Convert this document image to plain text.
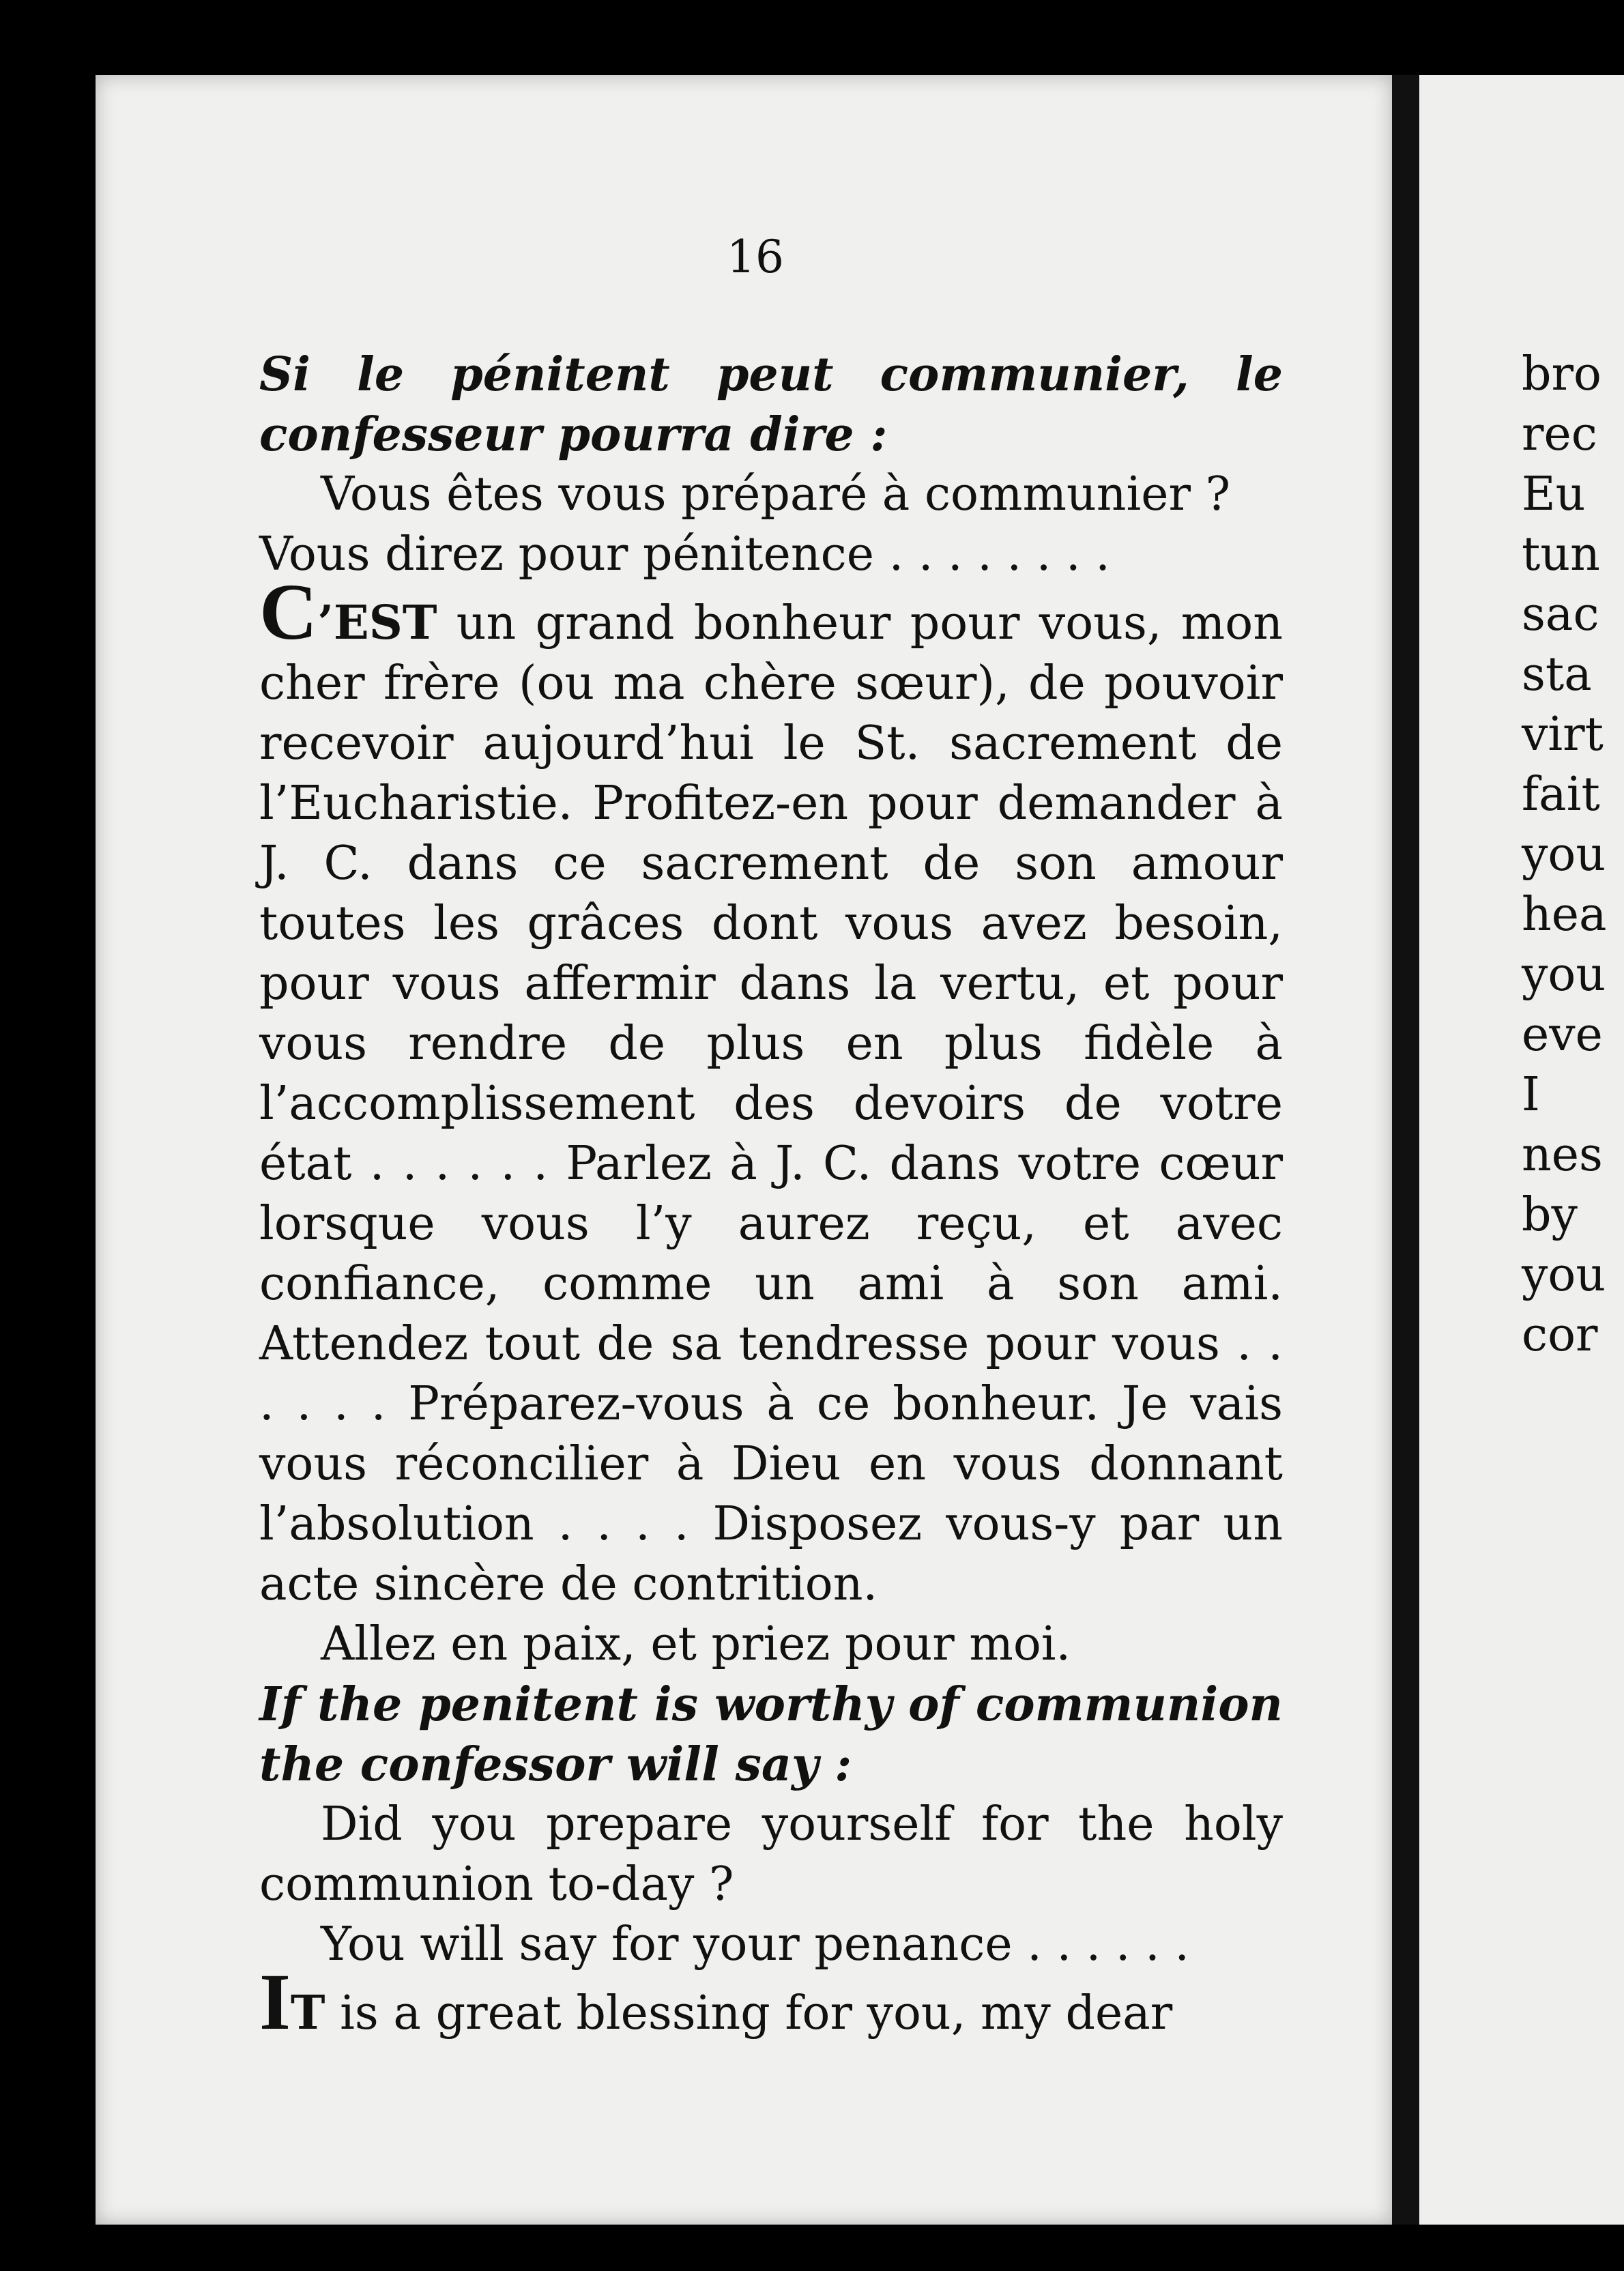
16

Si le pénitent peut communier, le confesseur pourra dire :

Vous êtes vous préparé à communier ?

Vous direz pour pénitence . . . . . . . .

C’EST un grand bonheur pour vous, mon cher frère (ou ma chère sœur), de pouvoir recevoir aujourd’hui le St. sacrement de l’Eucharistie. Profitez-en pour demander à J. C. dans ce sacrement de son amour toutes les grâces dont vous avez besoin, pour vous affermir dans la vertu, et pour vous rendre de plus en plus fidèle à l’accomplissement des devoirs de votre état . . . . . . Parlez à J. C. dans votre cœur lorsque vous l’y aurez reçu, et avec confiance, comme un ami à son ami. Attendez tout de sa tendresse pour vous . . . . . . Préparez-vous à ce bonheur. Je vais vous réconcilier à Dieu en vous donnant l’absolution . . . . Disposez vous-y par un acte sincère de contrition.

Allez en paix, et priez pour moi.

If the penitent is worthy of communion the confessor will say :

Did you prepare yourself for the holy communion to-day ?

You will say for your penance . . . . . .

IT is a great blessing for you, my dear

bro
rec
Eu
tun
sac
sta
virt
fait
you
hea
you
eve
I
nes
by
you
cor
